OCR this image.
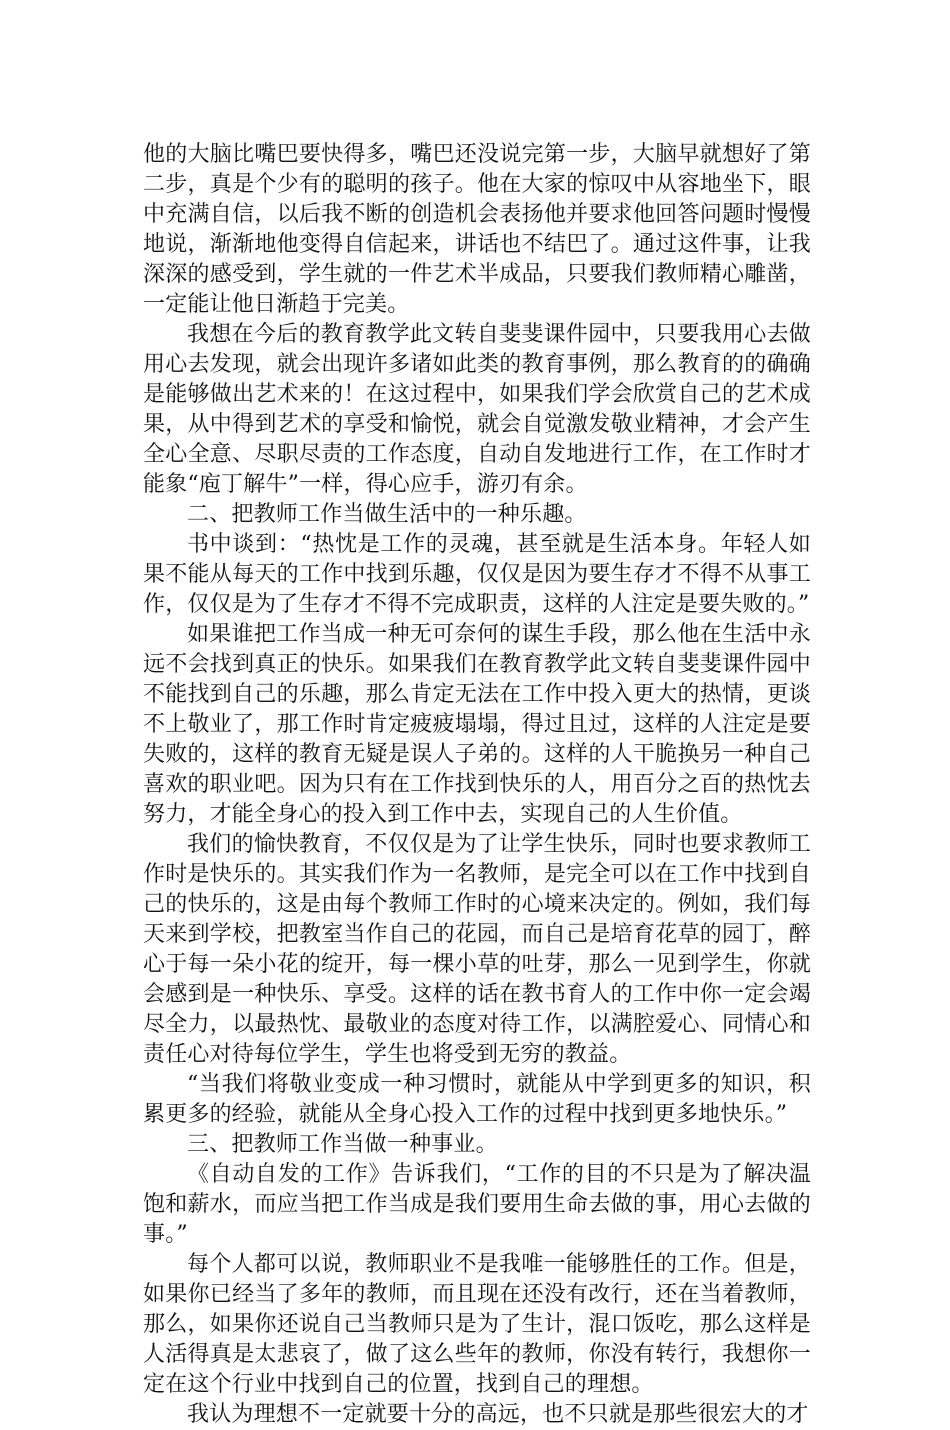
他的大脑比嘴巴要快得多，嘴巴还没说完第一步，大脑早就想好了第二步，真是个少有的聪明的孩子。他在大家的惊叹中从容地坐下，眼中充满自信，以后我不断的创造机会表扬他并要求他回答问题时慢慢地说，渐渐地他变得自信起来，讲话也不结巴了。通过这件事，让我深深的感受到，学生就的一件艺术半成品，只要我们教师精心雕凿，一定能让他日渐趋于完美。

我想在今后的教育教学此文转自斐斐课件园中，只要我用心去做用心去发现，就会出现许多诸如此类的教育事例，那么教育的的确确是能够做出艺术来的！在这过程中，如果我们学会欣赏自己的艺术成果，从中得到艺术的享受和愉悦，就会自觉激发敬业精神，才会产生全心全意、尽职尽责的工作态度，自动自发地进行工作，在工作时才能象“庖丁解牛”一样，得心应手，游刃有余。

二、把教师工作当做生活中的一种乐趣。

书中谈到：“热忱是工作的灵魂，甚至就是生活本身。年轻人如果不能从每天的工作中找到乐趣，仅仅是因为要生存才不得不从事工作，仅仅是为了生存才不得不完成职责，这样的人注定是要失败的。”

如果谁把工作当成一种无可奈何的谋生手段，那么他在生活中永远不会找到真正的快乐。如果我们在教育教学此文转自斐斐课件园中不能找到自己的乐趣，那么肯定无法在工作中投入更大的热情，更谈不上敬业了，那工作时肯定疲疲塌塌，得过且过，这样的人注定是要失败的，这样的教育无疑是误人子弟的。这样的人干脆换另一种自己喜欢的职业吧。因为只有在工作找到快乐的人，用百分之百的热忱去努力，才能全身心的投入到工作中去，实现自己的人生价值。

我们的愉快教育，不仅仅是为了让学生快乐，同时也要求教师工作时是快乐的。其实我们作为一名教师，是完全可以在工作中找到自己的快乐的，这是由每个教师工作时的心境来决定的。例如，我们每天来到学校，把教室当作自己的花园，而自己是培育花草的园丁，醉心于每一朵小花的绽开，每一棵小草的吐芽，那么一见到学生，你就会感到是一种快乐、享受。这样的话在教书育人的工作中你一定会竭尽全力，以最热忱、最敬业的态度对待工作，以满腔爱心、同情心和责任心对待每位学生，学生也将受到无穷的教益。

“当我们将敬业变成一种习惯时，就能从中学到更多的知识，积累更多的经验，就能从全身心投入工作的过程中找到更多地快乐。”

三、把教师工作当做一种事业。

《自动自发的工作》告诉我们，“工作的目的不只是为了解决温饱和薪水，而应当把工作当成是我们要用生命去做的事，用心去做的事。”

每个人都可以说，教师职业不是我唯一能够胜任的工作。但是，如果你已经当了多年的教师，而且现在还没有改行，还在当着教师，那么，如果你还说自己当教师只是为了生计，混口饭吃，那么这样是人活得真是太悲哀了，做了这么些年的教师，你没有转行，我想你一定在这个行业中找到自己的位置，找到自己的理想。

我认为理想不一定就要十分的高远，也不只就是那些很宏大的才
